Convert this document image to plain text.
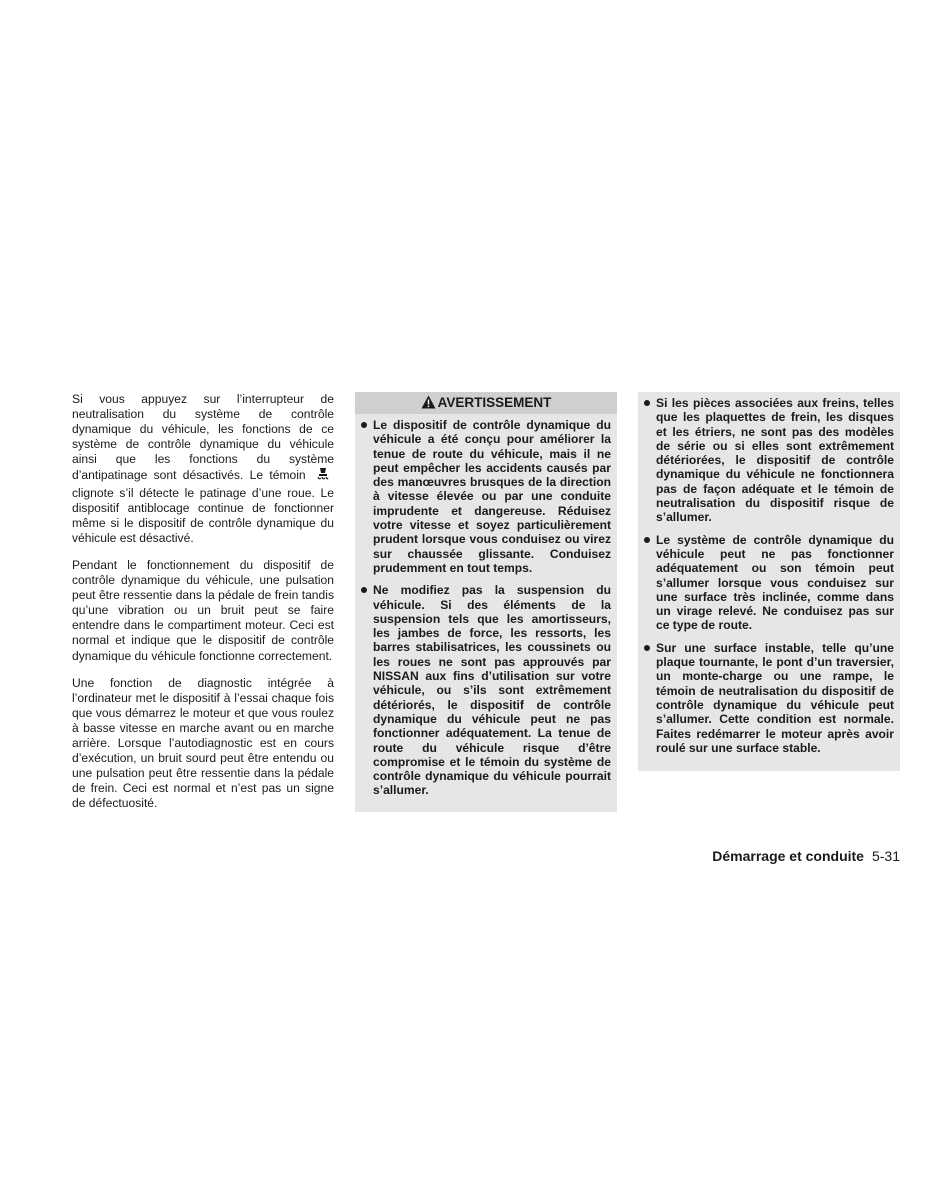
Si vous appuyez sur l’interrupteur de neutralisation du système de contrôle dynamique du véhicule, les fonctions de ce système de contrôle dynamique du véhicule ainsi que les fonctions du système d’antipatinage sont désactivés. Le témoin  clignote s’il détecte le patinage d’une roue. Le dispositif antiblocage continue de fonctionner même si le dispositif de contrôle dynamique du véhicule est désactivé.

Pendant le fonctionnement du dispositif de contrôle dynamique du véhicule, une pulsation peut être ressentie dans la pédale de frein tandis qu’une vibration ou un bruit peut se faire entendre dans le compartiment moteur. Ceci est normal et indique que le dispositif de contrôle dynamique du véhicule fonctionne correctement.

Une fonction de diagnostic intégrée à l’ordinateur met le dispositif à l’essai chaque fois que vous démarrez le moteur et que vous roulez à basse vitesse en marche avant ou en marche arrière. Lorsque l’autodiagnostic est en cours d’exécution, un bruit sourd peut être entendu ou une pulsation peut être ressentie dans la pédale de frein. Ceci est normal et n’est pas un signe de défectuosité.

AVERTISSEMENT
Le dispositif de contrôle dynamique du véhicule a été conçu pour améliorer la tenue de route du véhicule, mais il ne peut empêcher les accidents causés par des manœuvres brusques de la direction à vitesse élevée ou par une conduite imprudente et dangereuse. Réduisez votre vitesse et soyez particulièrement prudent lorsque vous conduisez ou virez sur chaussée glissante. Conduisez prudemment en tout temps.
Ne modifiez pas la suspension du véhicule. Si des éléments de la suspension tels que les amortisseurs, les jambes de force, les ressorts, les barres stabilisatrices, les coussinets ou les roues ne sont pas approuvés par NISSAN aux fins d’utilisation sur votre véhicule, ou s’ils sont extrêmement détériorés, le dispositif de contrôle dynamique du véhicule peut ne pas fonctionner adéquatement. La tenue de route du véhicule risque d’être compromise et le témoin du système de contrôle dynamique du véhicule pourrait s’allumer.
Si les pièces associées aux freins, telles que les plaquettes de frein, les disques et les étriers, ne sont pas des modèles de série ou si elles sont extrêmement détériorées, le dispositif de contrôle dynamique du véhicule ne fonctionnera pas de façon adéquate et le témoin de neutralisation du dispositif risque de s’allumer.
Le système de contrôle dynamique du véhicule peut ne pas fonctionner adéquatement ou son témoin peut s’allumer lorsque vous conduisez sur une surface très inclinée, comme dans un virage relevé. Ne conduisez pas sur ce type de route.
Sur une surface instable, telle qu’une plaque tournante, le pont d’un traversier, un monte-charge ou une rampe, le témoin de neutralisation du dispositif de contrôle dynamique du véhicule peut s’allumer. Cette condition est normale. Faites redémarrer le moteur après avoir roulé sur une surface stable.
Démarrage et conduite 5-31
